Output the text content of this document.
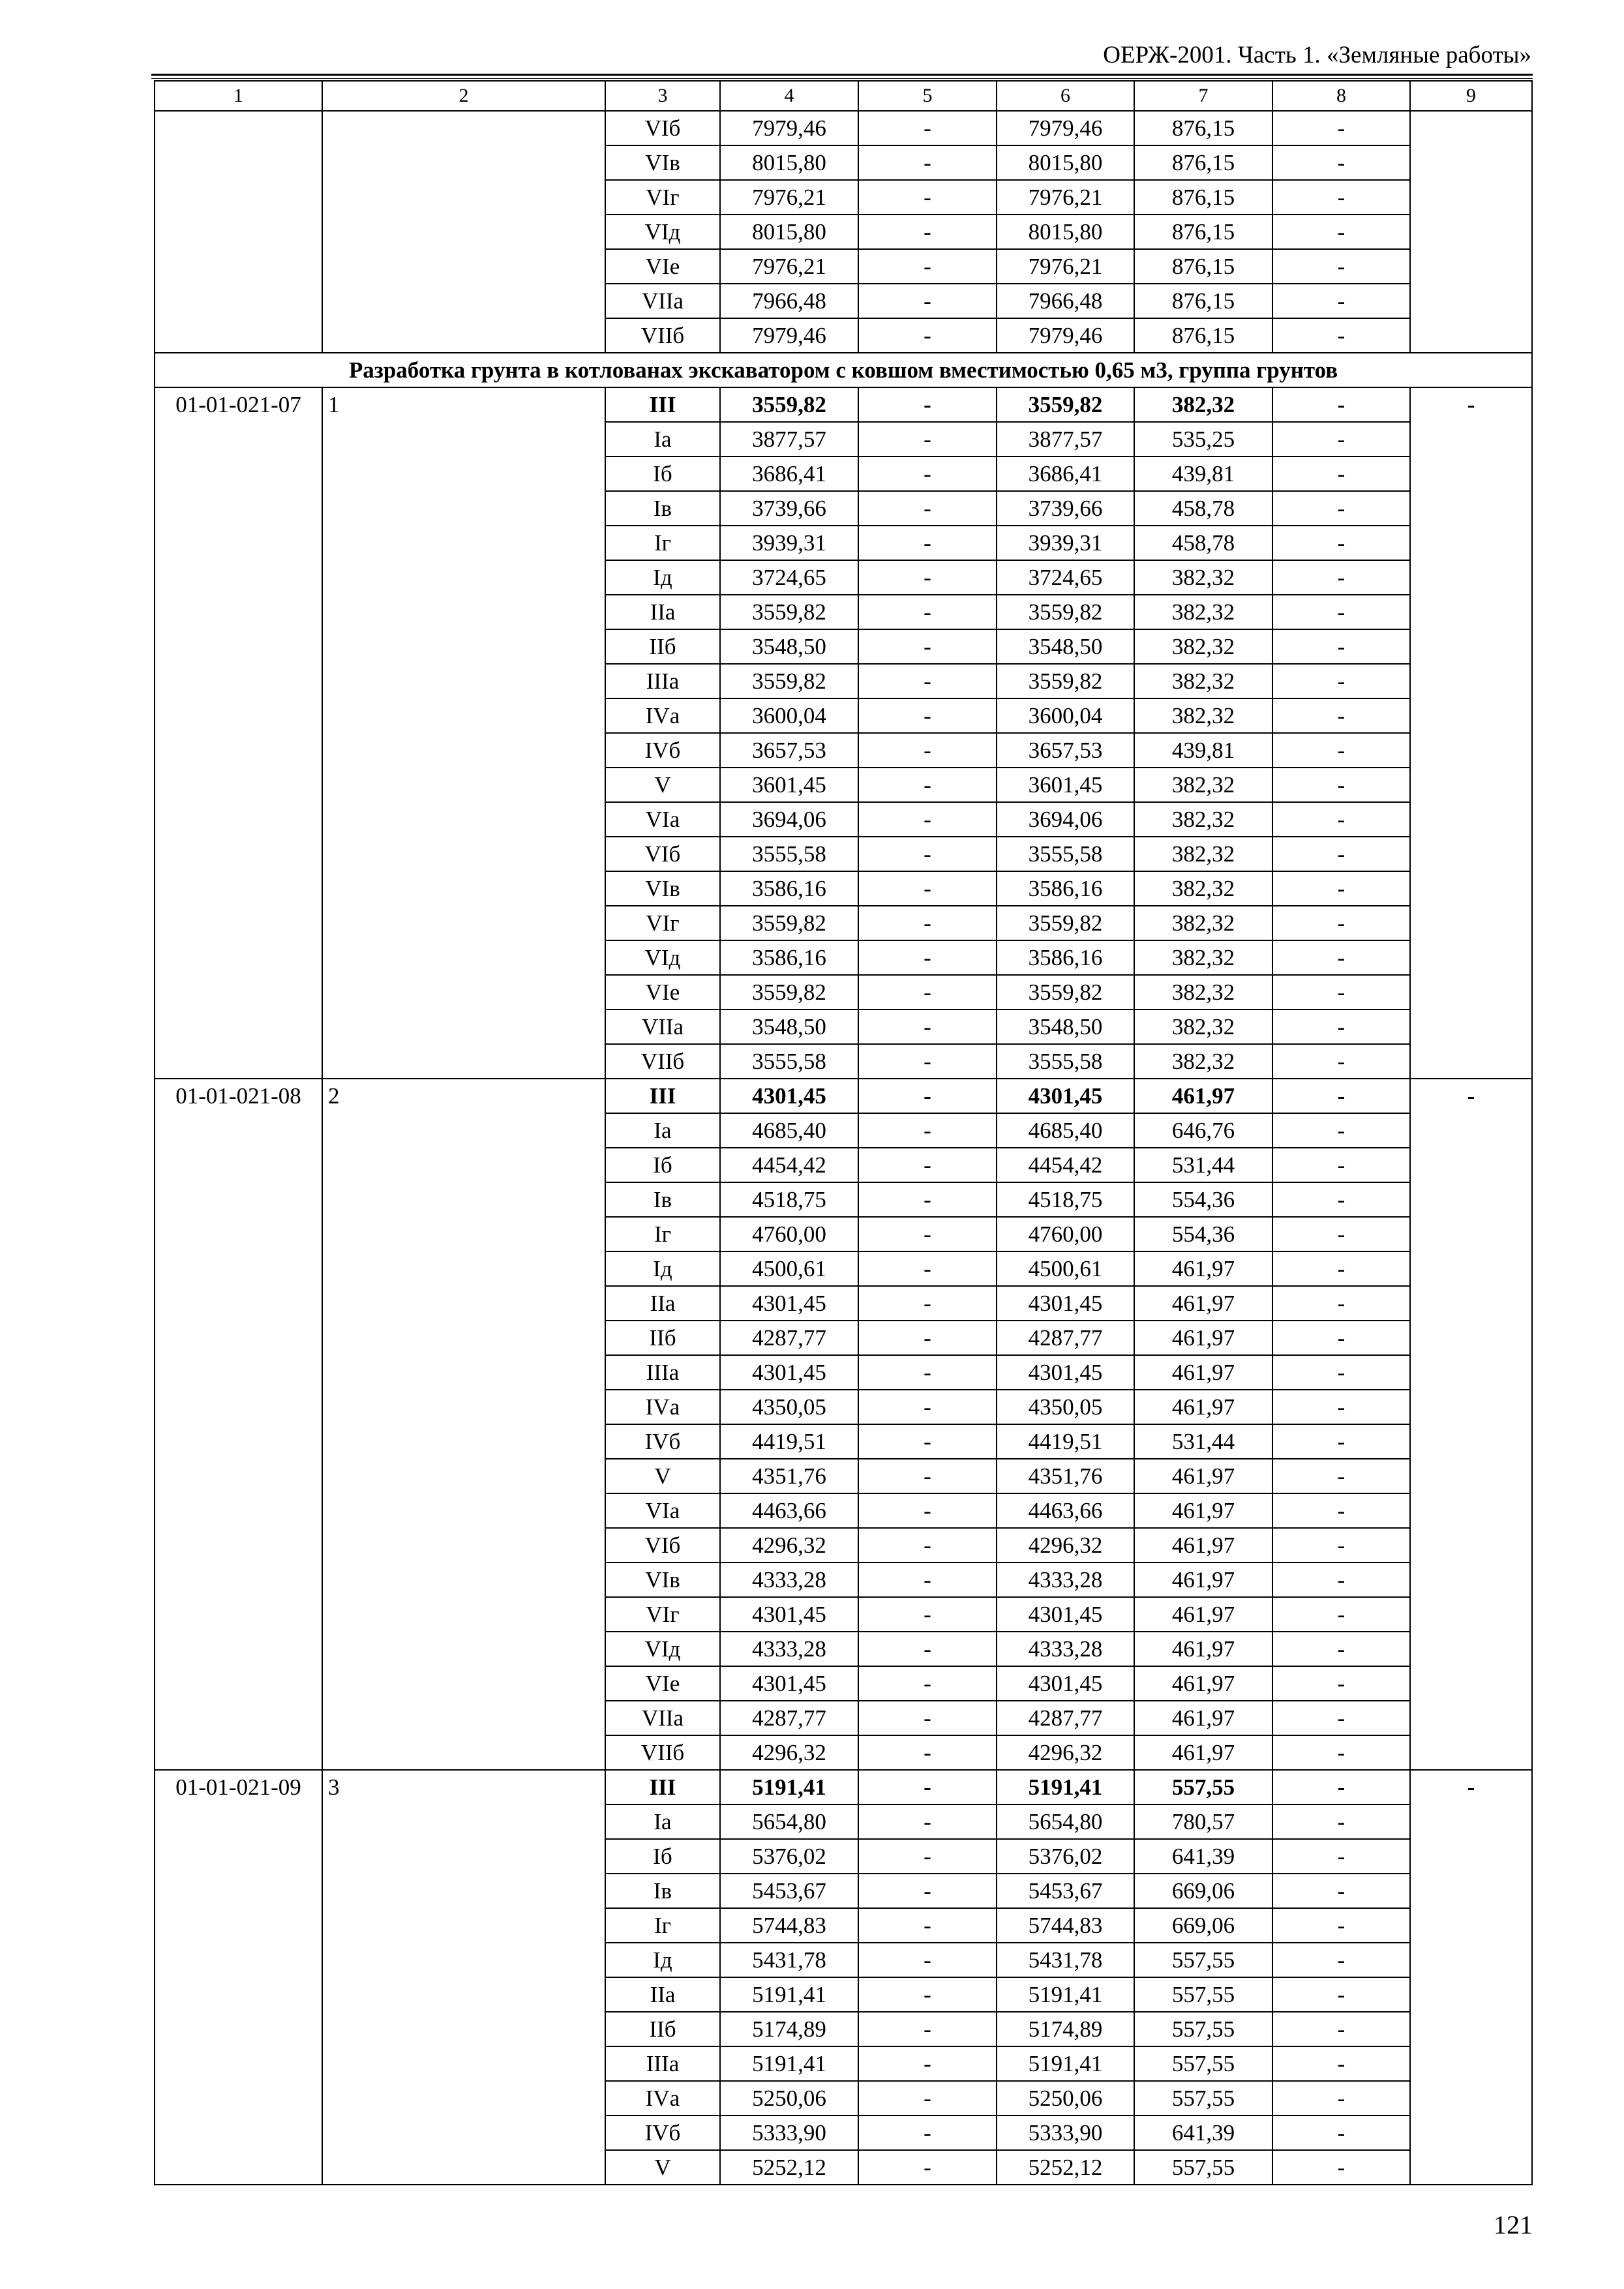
ОЕРЖ-2001. Часть 1. «Земляные работы»
1	2	3	4	5	6	7	8	9
		VIб	7979,46	-	7979,46	876,15	-	
		VIв	8015,80	-	8015,80	876,15	-	
		VIг	7976,21	-	7976,21	876,15	-	
		VIд	8015,80	-	8015,80	876,15	-	
		VIе	7976,21	-	7976,21	876,15	-	
		VIIа	7966,48	-	7966,48	876,15	-	
		VIIб	7979,46	-	7979,46	876,15	-	
Разработка грунта в котлованах экскаватором с ковшом вместимостью 0,65 м3, группа грунтов								
01-01-021-07	1	III	3559,82	-	3559,82	382,32	-	-
		Iа	3877,57	-	3877,57	535,25	-	
		Iб	3686,41	-	3686,41	439,81	-	
		Iв	3739,66	-	3739,66	458,78	-	
		Iг	3939,31	-	3939,31	458,78	-	
		Iд	3724,65	-	3724,65	382,32	-	
		IIа	3559,82	-	3559,82	382,32	-	
		IIб	3548,50	-	3548,50	382,32	-	
		IIIа	3559,82	-	3559,82	382,32	-	
		IVа	3600,04	-	3600,04	382,32	-	
		IVб	3657,53	-	3657,53	439,81	-	
		V	3601,45	-	3601,45	382,32	-	
		VIа	3694,06	-	3694,06	382,32	-	
		VIб	3555,58	-	3555,58	382,32	-	
		VIв	3586,16	-	3586,16	382,32	-	
		VIг	3559,82	-	3559,82	382,32	-	
		VIд	3586,16	-	3586,16	382,32	-	
		VIе	3559,82	-	3559,82	382,32	-	
		VIIа	3548,50	-	3548,50	382,32	-	
		VIIб	3555,58	-	3555,58	382,32	-	
01-01-021-08	2	III	4301,45	-	4301,45	461,97	-	-
		Iа	4685,40	-	4685,40	646,76	-	
		Iб	4454,42	-	4454,42	531,44	-	
		Iв	4518,75	-	4518,75	554,36	-	
		Iг	4760,00	-	4760,00	554,36	-	
		Iд	4500,61	-	4500,61	461,97	-	
		IIа	4301,45	-	4301,45	461,97	-	
		IIб	4287,77	-	4287,77	461,97	-	
		IIIа	4301,45	-	4301,45	461,97	-	
		IVа	4350,05	-	4350,05	461,97	-	
		IVб	4419,51	-	4419,51	531,44	-	
		V	4351,76	-	4351,76	461,97	-	
		VIа	4463,66	-	4463,66	461,97	-	
		VIб	4296,32	-	4296,32	461,97	-	
		VIв	4333,28	-	4333,28	461,97	-	
		VIг	4301,45	-	4301,45	461,97	-	
		VIд	4333,28	-	4333,28	461,97	-	
		VIе	4301,45	-	4301,45	461,97	-	
		VIIа	4287,77	-	4287,77	461,97	-	
		VIIб	4296,32	-	4296,32	461,97	-	
01-01-021-09	3	III	5191,41	-	5191,41	557,55	-	-
		Iа	5654,80	-	5654,80	780,57	-	
		Iб	5376,02	-	5376,02	641,39	-	
		Iв	5453,67	-	5453,67	669,06	-	
		Iг	5744,83	-	5744,83	669,06	-	
		Iд	5431,78	-	5431,78	557,55	-	
		IIа	5191,41	-	5191,41	557,55	-	
		IIб	5174,89	-	5174,89	557,55	-	
		IIIа	5191,41	-	5191,41	557,55	-	
		IVа	5250,06	-	5250,06	557,55	-	
		IVб	5333,90	-	5333,90	641,39	-	
		V	5252,12	-	5252,12	557,55	-	
121
